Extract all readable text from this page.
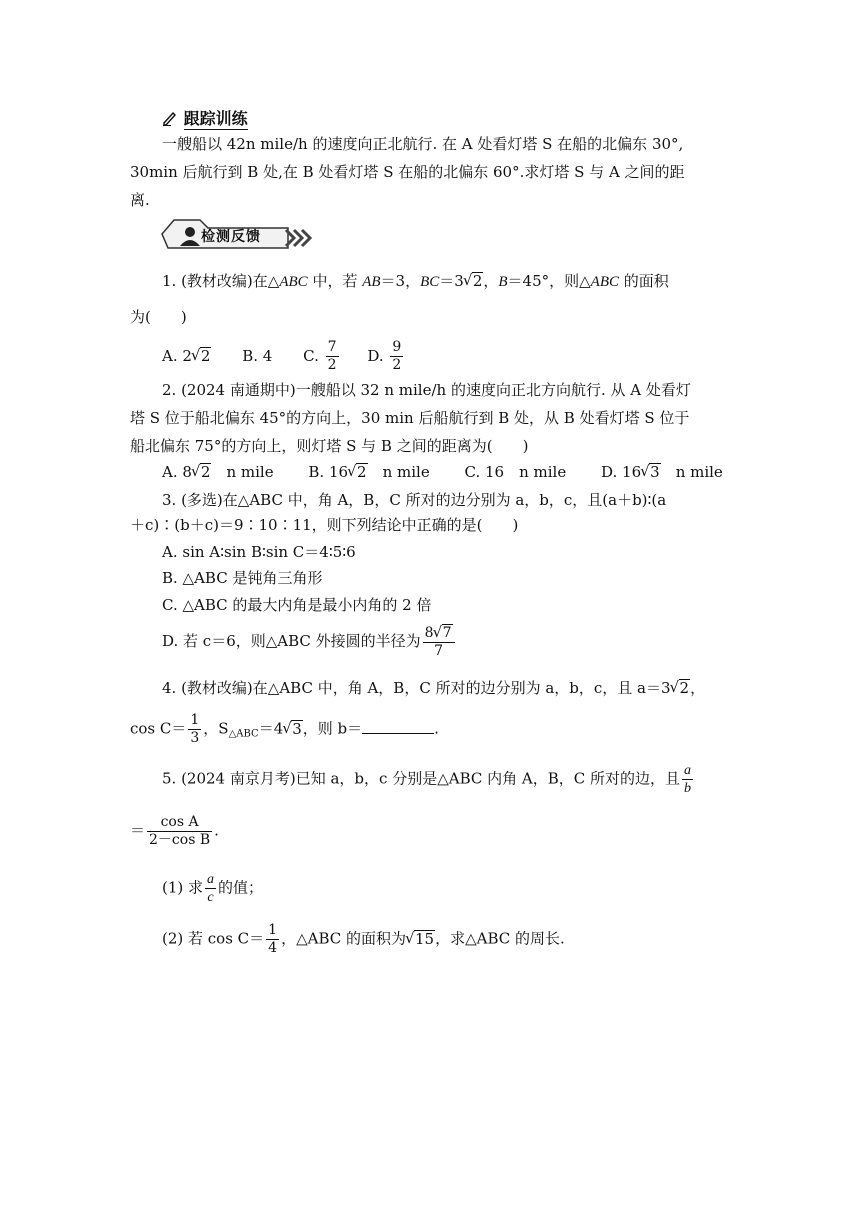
跟踪训练
一艘船以 42n mile/h 的速度向正北航行. 在 A 处看灯塔 S 在船的北偏东 30°,
30min 后航行到 B 处,在 B 处看灯塔 S 在船的北偏东 60°.求灯塔 S 与 A 之间的距
离.
检测反馈
1. (教材改编)在△ABC 中，若 AB＝3，BC＝3√ 2，B＝45°，则△ABC 的面积
为(　　)
A. 2√ 2 B. 4 C. $\frac{7}{2} D$. $\frac{9}{2}$
2. (2024 南通期中)一艘船以 32 n mile/h 的速度向正北方向航行. 从 A 处看灯
塔 S 位于船北偏东 45°的方向上，30 min 后船航行到 B 处，从 B 处看灯塔 S 位于
船北偏东 75°的方向上，则灯塔 S 与 B 之间的距离为(　　)
A. 8√ 2　 n mile B. 16√ 2　 n mile C. 16　n mile D. 16√ 3　 n mile
3. (多选)在△ABC 中，角 A，B，C 所对的边分别为 a，b，c，且(a＋b)∶(a
＋c)∶(b＋c)＝9∶10∶11，则下列结论中正确的是(　　)
A. sin A∶sin B∶sin C＝4∶5∶6
B. △ABC 是钝角三角形
C. △ABC 的最大内角是最小内角的 2 倍
D. 若 c＝6，则△ABC 外接圆的半径为 $\frac{8√ 7}{7}$
4. (教材改编)在△ABC 中，角 A，B，C 所对的边分别为 a，b，c，且 a＝3√ 2，
$\cos C= \frac{1}{3}$ ，$S_{\triangle ABC}=4√$ 3，则 b＝	.
5. (2024 南京月考)已知 a，b，c 分别是△ABC 内角 A，B，C 所对的边，且 $\frac{a}{b}$
＝ $\frac{\text{cos A}}{\text{2－cos B}}$ .
(1) 求 $\frac{a}{c}$ 的值；
(2) 若 $\cos C= \frac{1}{4}$ ，△ABC 的面积为√ 15，求△ABC 的周长.
